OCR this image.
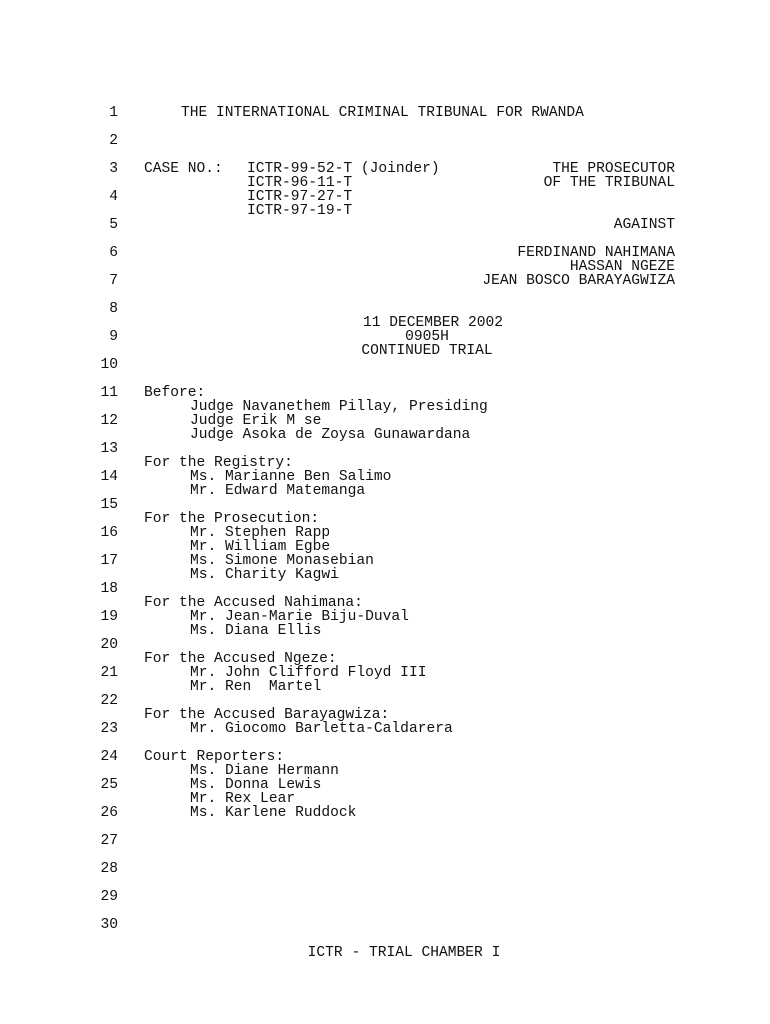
1
2
3
4
5
6
7
8
9
10
11
12
13
14
15
16
17
18
19
20
21
22
23
24
25
26
27
28
29
30
THE INTERNATIONAL CRIMINAL TRIBUNAL FOR RWANDA
CASE NO.: ICTR-99-52-T (Joinder)
ICTR-96-11-T
ICTR-97-27-T
ICTR-97-19-T
THE PROSECUTOR
OF THE TRIBUNAL
AGAINST
FERDINAND NAHIMANA
HASSAN NGEZE
JEAN BOSCO BARAYAGWIZA
11 DECEMBER 2002
0905H
CONTINUED TRIAL
Before:
Judge Navanethem Pillay, Presiding
Judge Erik M se
Judge Asoka de Zoysa Gunawardana
For the Registry:
Ms. Marianne Ben Salimo
Mr. Edward Matemanga
For the Prosecution:
Mr. Stephen Rapp
Mr. William Egbe
Ms. Simone Monasebian
Ms. Charity Kagwi
For the Accused Nahimana:
Mr. Jean-Marie Biju-Duval
Ms. Diana Ellis
For the Accused Ngeze:
Mr. John Clifford Floyd III
Mr. Ren  Martel
For the Accused Barayagwiza:
Mr. Giocomo Barletta-Caldarera
Court Reporters:
Ms. Diane Hermann
Ms. Donna Lewis
Mr. Rex Lear
Ms. Karlene Ruddock
ICTR - TRIAL CHAMBER I
